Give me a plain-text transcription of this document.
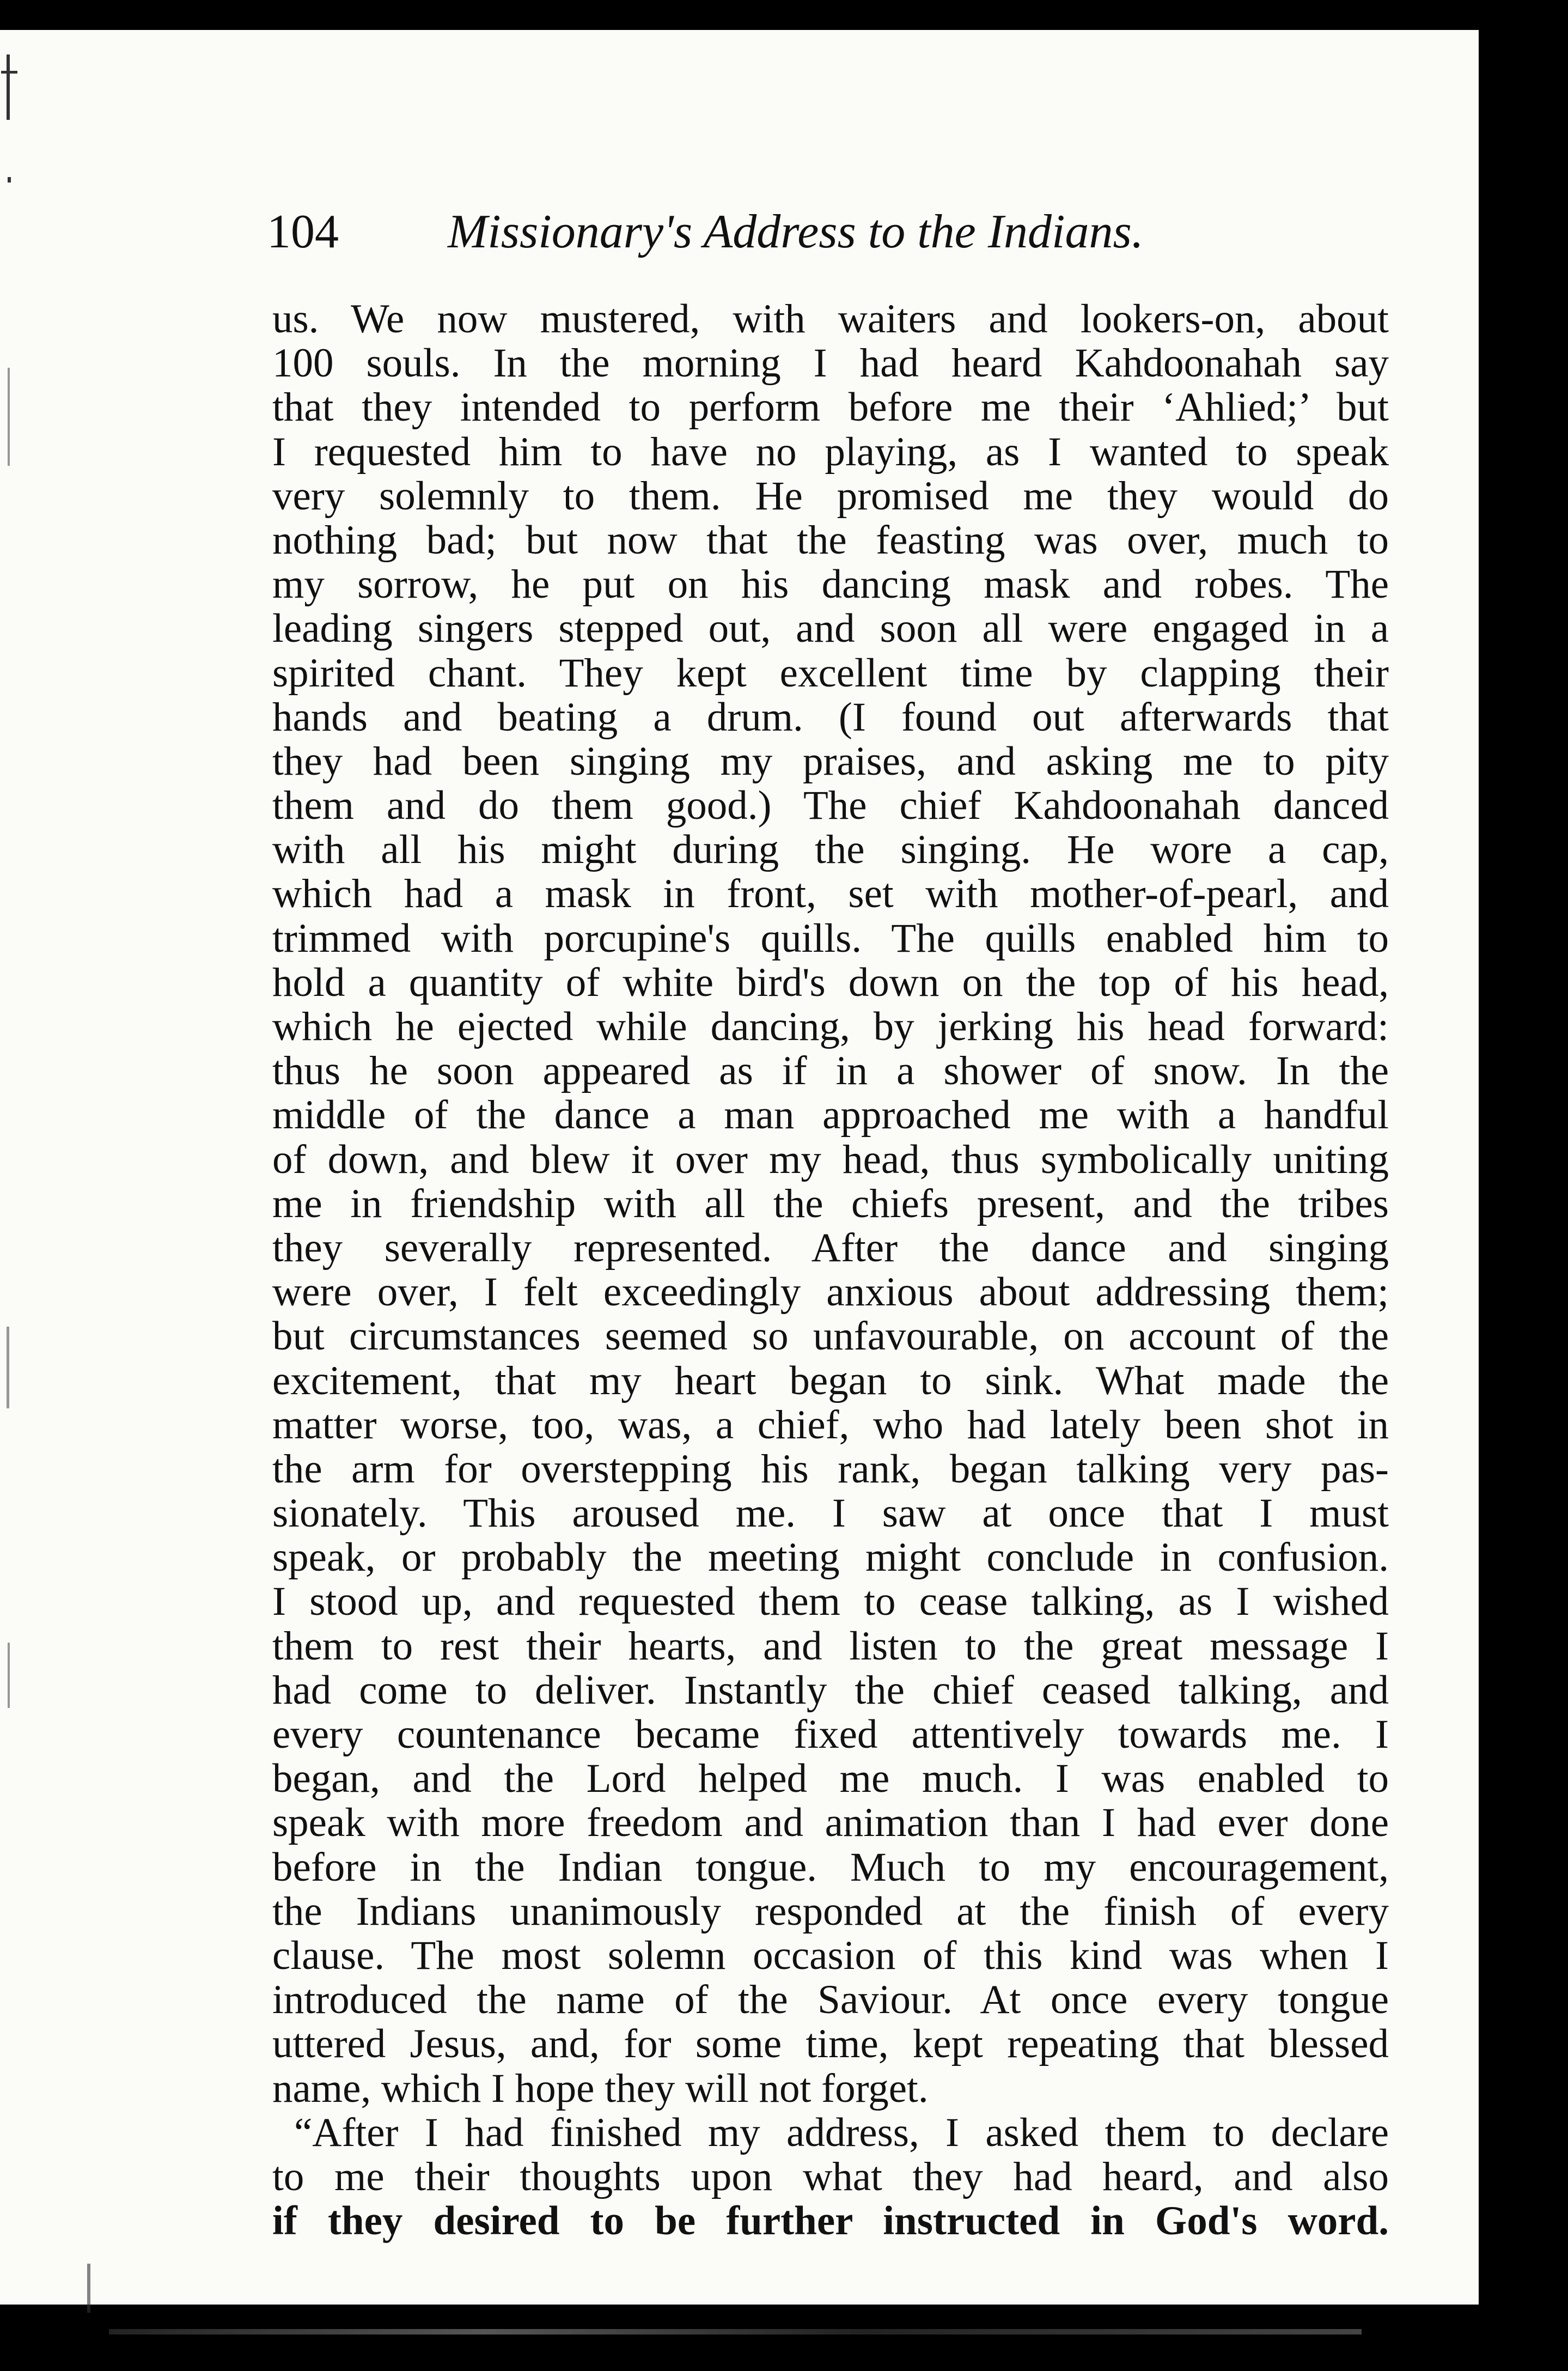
104 Missionary's Address to the Indians.
us. We now mustered, with waiters and lookers-on, about
100 souls. In the morning I had heard Kahdoonahah say
that they intended to perform before me their ‘Ahlied;’ but
I requested him to have no playing, as I wanted to speak
very solemnly to them. He promised me they would do
nothing bad; but now that the feasting was over, much to
my sorrow, he put on his dancing mask and robes. The
leading singers stepped out, and soon all were engaged in a
spirited chant. They kept excellent time by clapping their
hands and beating a drum. (I found out afterwards that
they had been singing my praises, and asking me to pity
them and do them good.) The chief Kahdoonahah danced
with all his might during the singing. He wore a cap,
which had a mask in front, set with mother-of-pearl, and
trimmed with porcupine's quills. The quills enabled him to
hold a quantity of white bird's down on the top of his head,
which he ejected while dancing, by jerking his head forward:
thus he soon appeared as if in a shower of snow. In the
middle of the dance a man approached me with a handful
of down, and blew it over my head, thus symbolically uniting
me in friendship with all the chiefs present, and the tribes
they severally represented. After the dance and singing
were over, I felt exceedingly anxious about addressing them;
but circumstances seemed so unfavourable, on account of the
excitement, that my heart began to sink. What made the
matter worse, too, was, a chief, who had lately been shot in
the arm for overstepping his rank, began talking very pas-
sionately. This aroused me. I saw at once that I must
speak, or probably the meeting might conclude in confusion.
I stood up, and requested them to cease talking, as I wished
them to rest their hearts, and listen to the great message I
had come to deliver. Instantly the chief ceased talking, and
every countenance became fixed attentively towards me. I
began, and the Lord helped me much. I was enabled to
speak with more freedom and animation than I had ever done
before in the Indian tongue. Much to my encouragement,
the Indians unanimously responded at the finish of every
clause. The most solemn occasion of this kind was when I
introduced the name of the Saviour. At once every tongue
uttered Jesus, and, for some time, kept repeating that blessed
name, which I hope they will not forget.
“After I had finished my address, I asked them to declare
to me their thoughts upon what they had heard, and also
if they desired to be further instructed in God's word.
